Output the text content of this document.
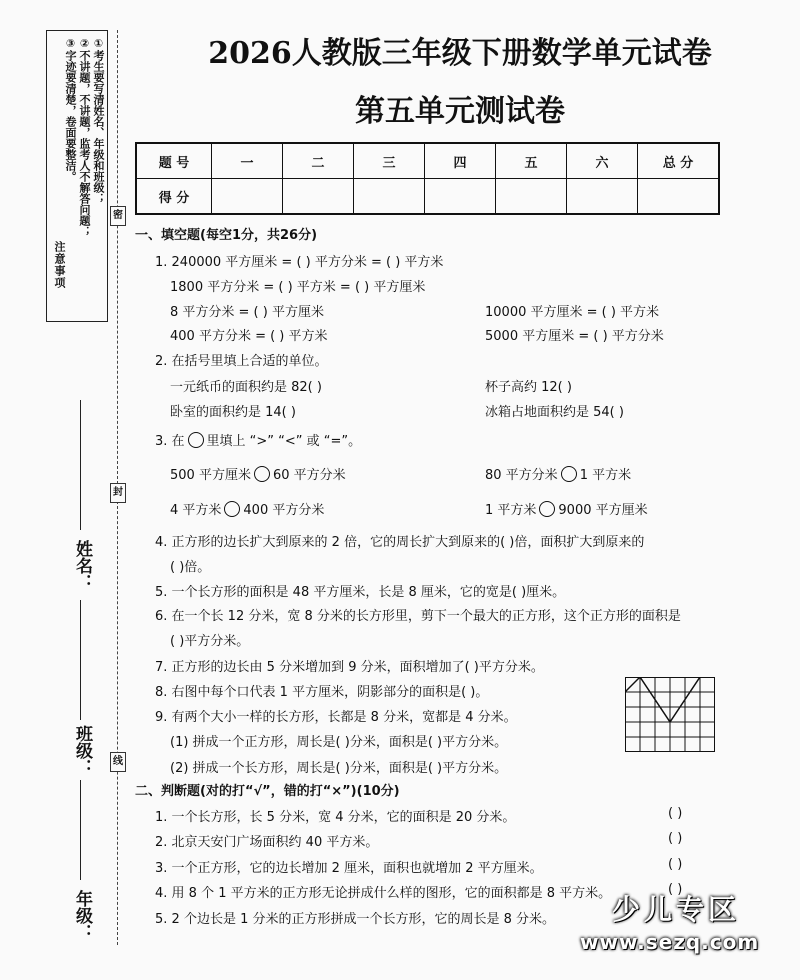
①考生要写清姓名、年级和班级；
②不讲题，不讲题，监考人不解答问题；
③字迹要清楚，卷面要整洁。
注意事项
密
封
线
姓名：
班级：
年级：
2026人教版三年级下册数学单元试卷
第五单元测试卷
题 号	一	二	三	四	五	六	总 分
得 分							
一、填空题(每空1分，共26分)
1. 240000 平方厘米 = ( ) 平方分米 = ( ) 平方米
1800 平方分米 = ( ) 平方米 = ( ) 平方厘米
8 平方分米 = ( ) 平方厘米	10000 平方厘米 = ( ) 平方米
400 平方分米 = ( ) 平方米	5000 平方厘米 = ( ) 平方分米
2. 在括号里填上合适的单位。
一元纸币的面积约是 82( )	杯子高约 12( )
卧室的面积约是 14( )	冰箱占地面积约是 54( )
3. 在 里填上 “>” “<” 或 “=”。
500 平方厘米 60 平方分米	80 平方分米 1 平方米
4 平方米 400 平方分米	1 平方米 9000 平方厘米
4. 正方形的边长扩大到原来的 2 倍，它的周长扩大到原来的( )倍，面积扩大到原来的
( )倍。
5. 一个长方形的面积是 48 平方厘米，长是 8 厘米，它的宽是( )厘米。
6. 在一个长 12 分米，宽 8 分米的长方形里，剪下一个最大的正方形，这个正方形的面积是
( )平方分米。
7. 正方形的边长由 5 分米增加到 9 分米，面积增加了( )平方分米。
8. 右图中每个口代表 1 平方厘米，阴影部分的面积是( )。
9. 有两个大小一样的长方形，长都是 8 分米，宽都是 4 分米。
(1) 拼成一个正方形，周长是( )分米，面积是( )平方分米。
(2) 拼成一个长方形，周长是( )分米，面积是( )平方分米。
二、判断题(对的打“√”，错的打“×”)(10分)
1. 一个长方形，长 5 分米，宽 4 分米，它的面积是 20 分米。	( )
2. 北京天安门广场面积约 40 平方米。	( )
3. 一个正方形，它的边长增加 2 厘米，面积也就增加 2 平方厘米。	( )
4. 用 8 个 1 平方米的正方形无论拼成什么样的图形，它的面积都是 8 平方米。	( )
5. 2 个边长是 1 分米的正方形拼成一个长方形，它的周长是 8 分米。 少儿专区
www.sezq.com
